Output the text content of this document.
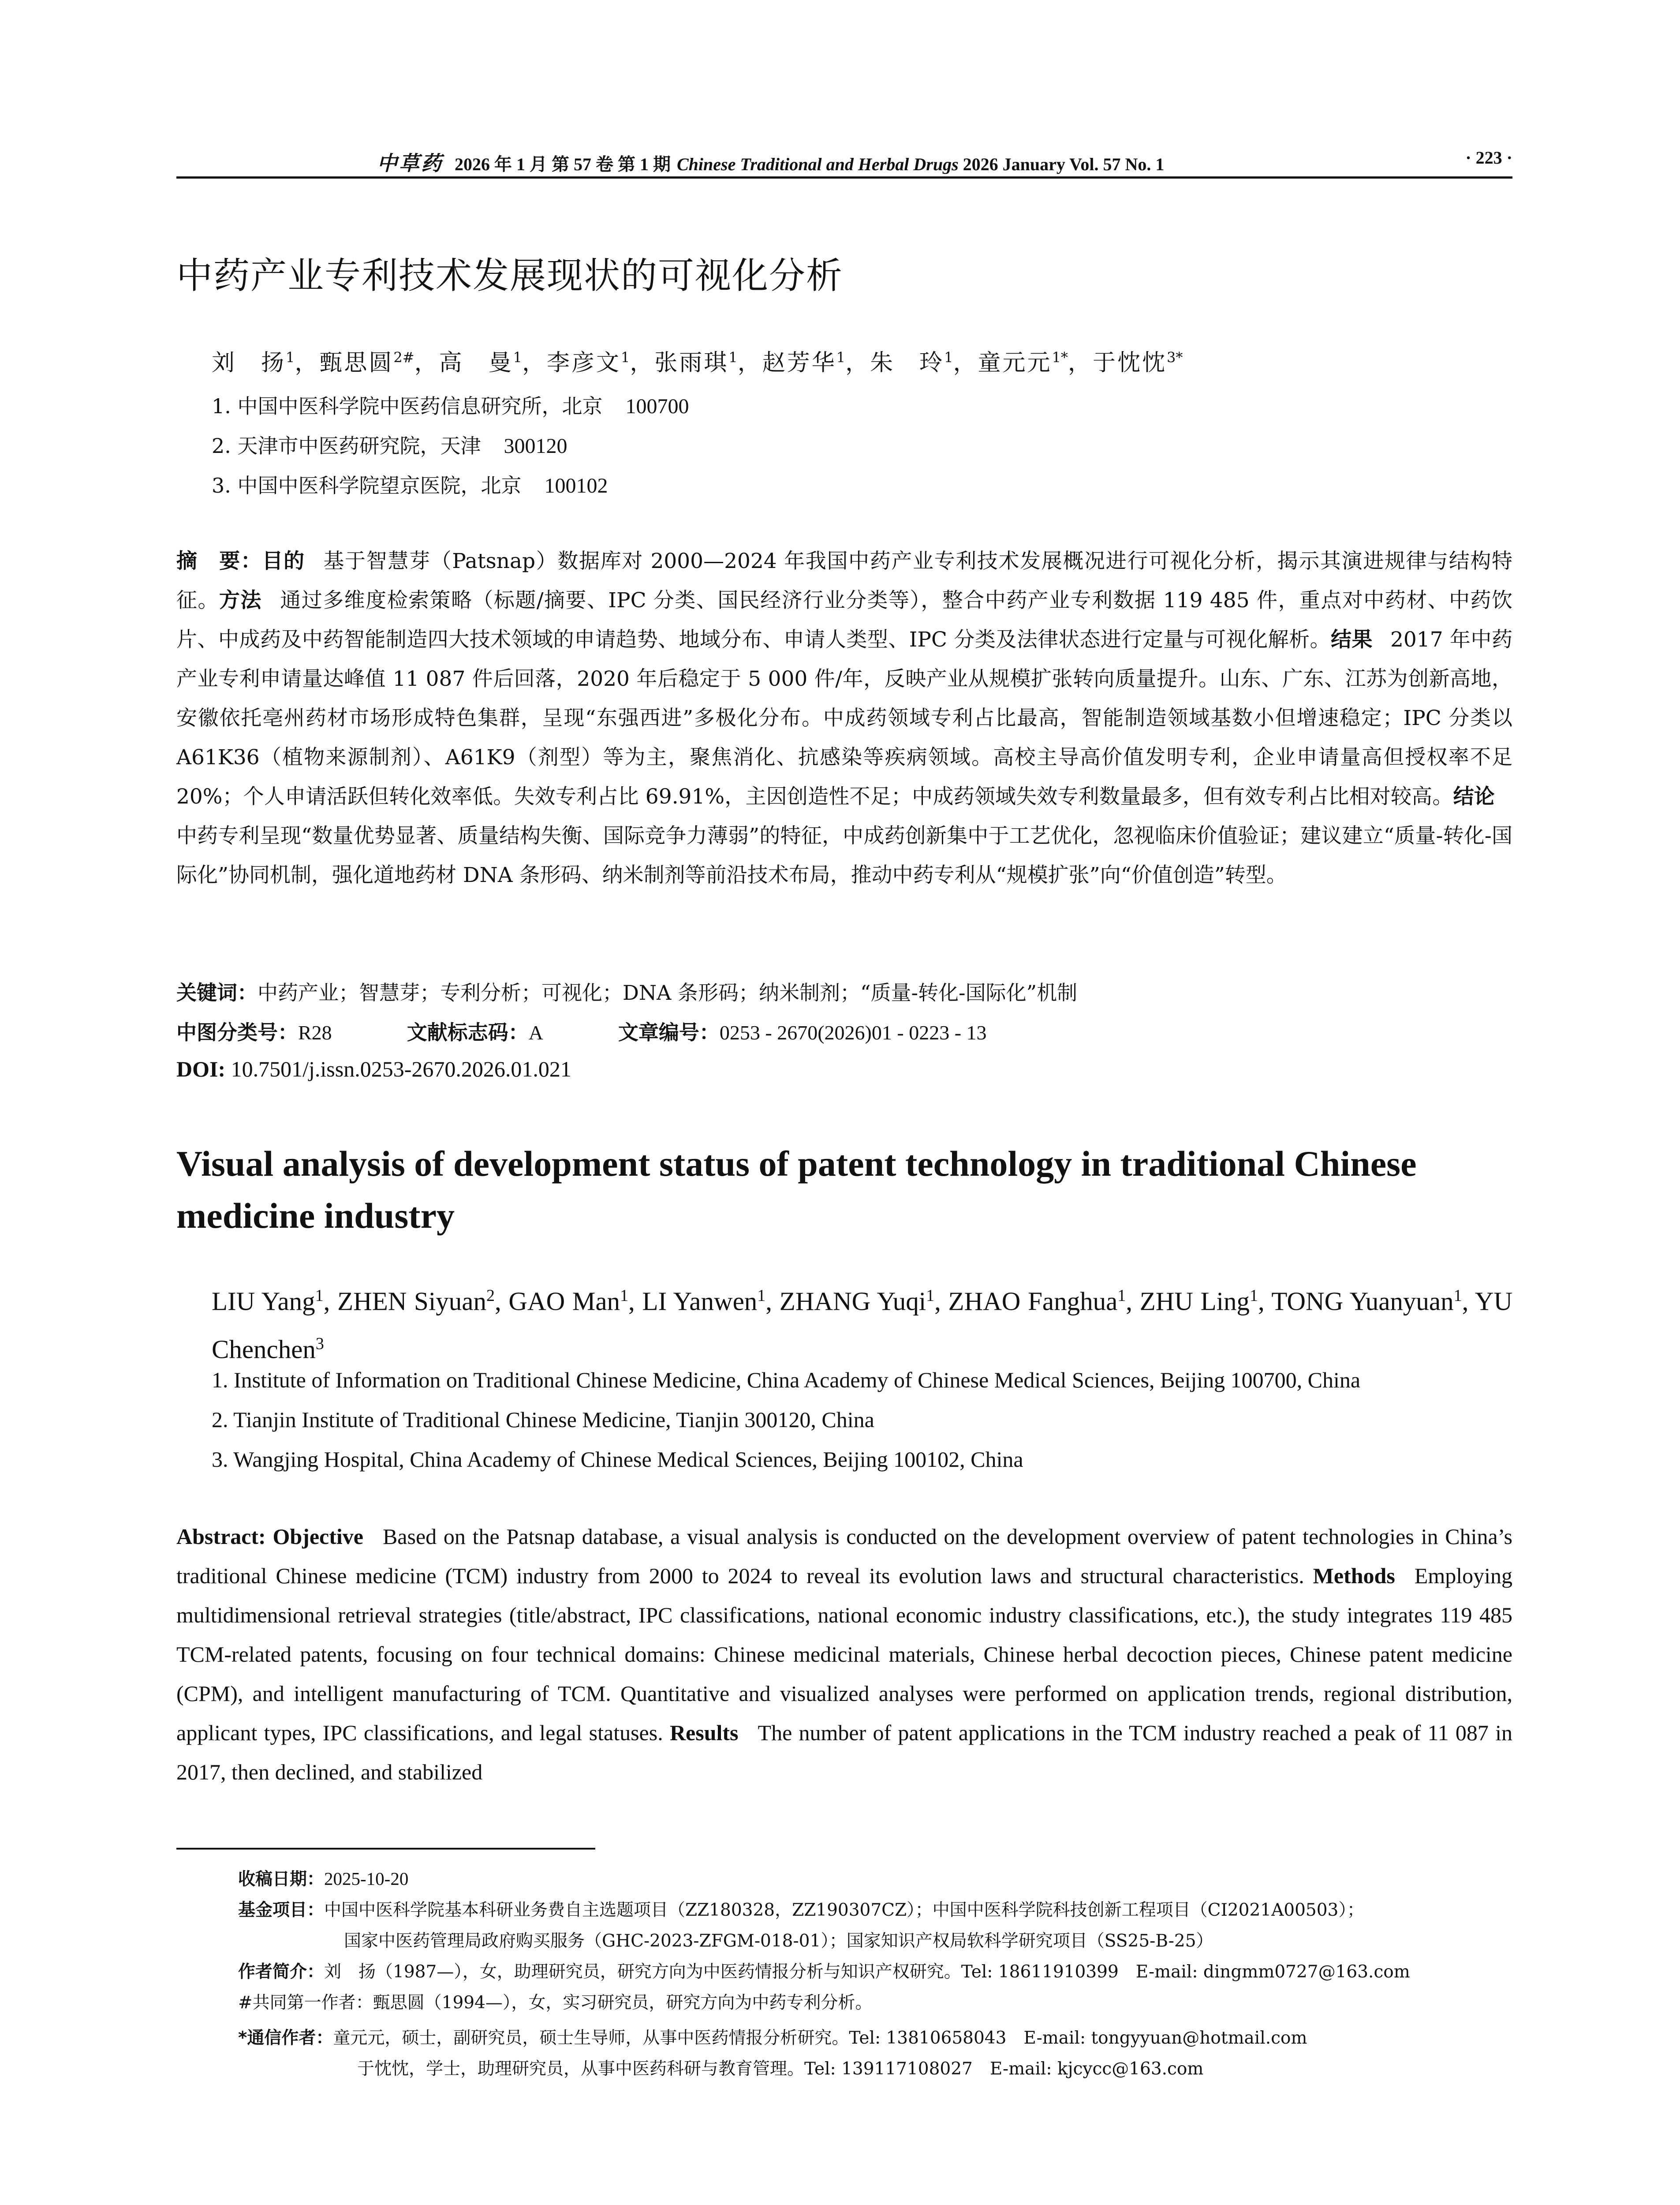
中草药 2026 年 1 月 第 57 卷 第 1 期 Chinese Traditional and Herbal Drugs 2026 January Vol. 57 No. 1	· 223 ·
中药产业专利技术发展现状的可视化分析
刘　扬$^1$，甄思圆$^{2\#}$，高　曼$^1$，李彦文$^1$，张雨琪$^1$，赵芳华$^1$，朱　玲$^1$，童元元$^{1*}$，于忱忱$^{3*}$
1. 中国中医科学院中医药信息研究所，北京 100700
2. 天津市中医药研究院，天津 300120
3. 中国中医科学院望京医院，北京 100102
摘　要：目的 基于智慧芽（Patsnap）数据库对 2000—2024 年我国中药产业专利技术发展概况进行可视化分析，揭示其演进规律与结构特征。方法 通过多维度检索策略（标题/摘要、IPC 分类、国民经济行业分类等），整合中药产业专利数据 119 485 件，重点对中药材、中药饮片、中成药及中药智能制造四大技术领域的申请趋势、地域分布、申请人类型、IPC 分类及法律状态进行定量与可视化解析。结果 2017 年中药产业专利申请量达峰值 11 087 件后回落，2020 年后稳定于 5 000 件/年，反映产业从规模扩张转向质量提升。山东、广东、江苏为创新高地，安徽依托亳州药材市场形成特色集群，呈现“东强西进”多极化分布。中成药领域专利占比最高，智能制造领域基数小但增速稳定；IPC 分类以 A61K36（植物来源制剂）、A61K9（剂型）等为主，聚焦消化、抗感染等疾病领域。高校主导高价值发明专利，企业申请量高但授权率不足 20%；个人申请活跃但转化效率低。失效专利占比 69.91%，主因创造性不足；中成药领域失效专利数量最多，但有效专利占比相对较高。结论中药专利呈现“数量优势显著、质量结构失衡、国际竞争力薄弱”的特征，中成药创新集中于工艺优化，忽视临床价值验证；建议建立“质量-转化-国际化”协同机制，强化道地药材 DNA 条形码、纳米制剂等前沿技术布局，推动中药专利从“规模扩张”向“价值创造”转型。
关键词：中药产业；智慧芽；专利分析；可视化；DNA 条形码；纳米制剂；“质量-转化-国际化”机制
中图分类号：R28	文献标志码：A	文章编号：0253 - 2670(2026)01 - 0223 - 13
DOI: 10.7501/j.issn.0253-2670.2026.01.021
Visual analysis of development status of patent technology in traditional Chinese medicine industry
LIU Yang$^1$, ZHEN Siyuan$^2$, GAO Man$^1$, LI Yanwen$^1$, ZHANG Yuqi$^1$, ZHAO Fanghua$^1$, ZHU Ling$^1$, TONG Yuanyuan$^1$, YU Chenchen$^3$
1. Institute of Information on Traditional Chinese Medicine, China Academy of Chinese Medical Sciences, Beijing 100700, China
2. Tianjin Institute of Traditional Chinese Medicine, Tianjin 300120, China
3. Wangjing Hospital, China Academy of Chinese Medical Sciences, Beijing 100102, China
Abstract: Objective Based on the Patsnap database, a visual analysis is conducted on the development overview of patent technologies in China’s traditional Chinese medicine (TCM) industry from 2000 to 2024 to reveal its evolution laws and structural characteristics. Methods Employing multidimensional retrieval strategies (title/abstract, IPC classifications, national economic industry classifications, etc.), the study integrates 119 485 TCM-related patents, focusing on four technical domains: Chinese medicinal materials, Chinese herbal decoction pieces, Chinese patent medicine (CPM), and intelligent manufacturing of TCM. Quantitative and visualized analyses were performed on application trends, regional distribution, applicant types, IPC classifications, and legal statuses. Results The number of patent applications in the TCM industry reached a peak of 11 087 in 2017, then declined, and stabilized
收稿日期：2025-10-20
基金项目：中国中医科学院基本科研业务费自主选题项目（ZZ180328，ZZ190307CZ）；中国中医科学院科技创新工程项目（CI2021A00503）；
国家中医药管理局政府购买服务（GHC-2023-ZFGM-018-01）；国家知识产权局软科学研究项目（SS25-B-25）
作者简介：刘　扬（1987—），女，助理研究员，研究方向为中医药情报分析与知识产权研究。Tel: 18611910399　E-mail: dingmm0727@163.com
#共同第一作者：甄思圆（1994—），女，实习研究员，研究方向为中药专利分析。
*通信作者：童元元，硕士，副研究员，硕士生导师，从事中医药情报分析研究。Tel: 13810658043　E-mail: tongyyuan@hotmail.com
于忱忱，学士，助理研究员，从事中医药科研与教育管理。Tel: 139117108027　E-mail: kjcycc@163.com
